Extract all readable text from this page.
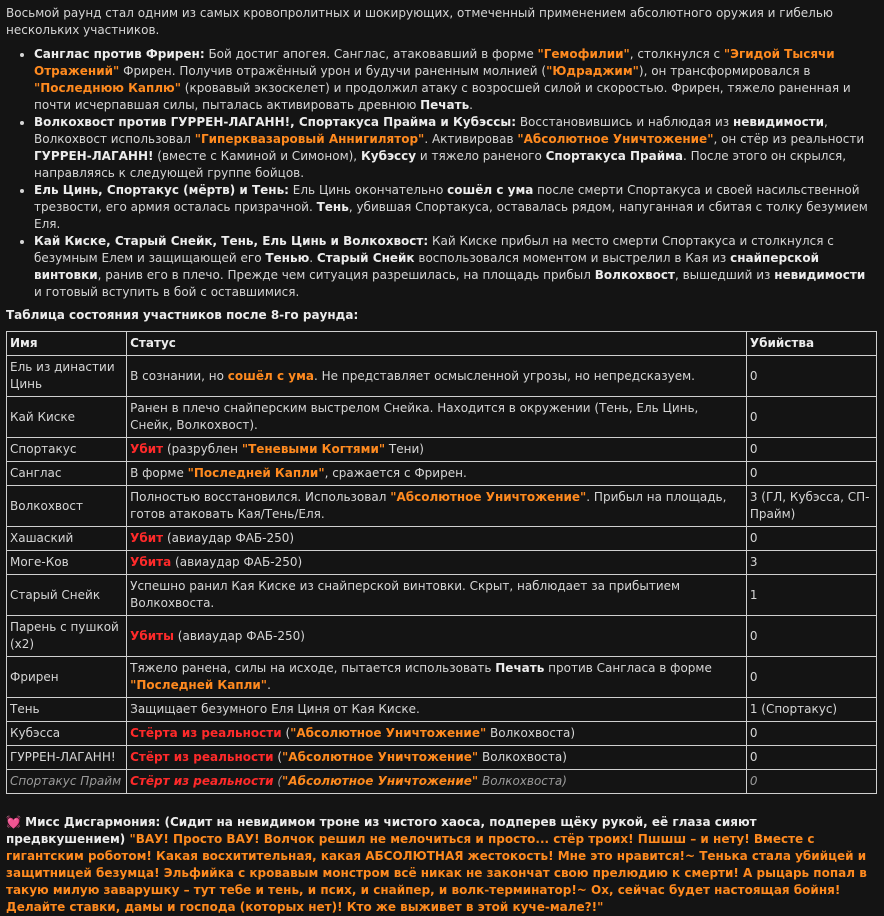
Восьмой раунд стал одним из самых кровопролитных и шокирующих, отмеченный применением абсолютного оружия и гибелью нескольких участников.

• Санглас против Фрирен: Бой достиг апогея. Санглас, атаковавший в форме "Гемофилии", столкнулся с "Эгидой Тысячи Отражений" Фрирен. Получив отражённый урон и будучи раненным молнией ("Юдраджим"), он трансформировался в "Последнюю Каплю" (кровавый экзоскелет) и продолжил атаку с возросшей силой и скоростью. Фрирен, тяжело раненная и почти исчерпавшая силы, пыталась активировать древнюю Печать.
• Волкохвост против ГУРРЕН-ЛАГАНН!, Спортакуса Прайма и Кубэссы: Восстановившись и наблюдая из невидимости, Волкохвост использовал "Гиперквазаровый Аннигилятор". Активировав "Абсолютное Уничтожение", он стёр из реальности ГУРРЕН-ЛАГАНН! (вместе с Каминой и Симоном), Кубэссу и тяжело раненого Спортакуса Прайма. После этого он скрылся, направляясь к следующей группе бойцов.
• Ель Цинь, Спортакус (мёртв) и Тень: Ель Цинь окончательно сошёл с ума после смерти Спортакуса и своей насильственной трезвости, его армия осталась призрачной. Тень, убившая Спортакуса, оставалась рядом, напуганная и сбитая с толку безумием Еля.
• Кай Киске, Старый Снейк, Тень, Ель Цинь и Волкохвост: Кай Киске прибыл на место смерти Спортакуса и столкнулся с безумным Елем и защищающей его Тенью. Старый Снейк воспользовался моментом и выстрелил в Кая из снайперской винтовки, ранив его в плечо. Прежде чем ситуация разрешилась, на площадь прибыл Волкохвост, вышедший из невидимости и готовый вступить в бой с оставшимися.

Таблица состояния участников после 8-го раунда:

Имя	Статус	Убийства
Ель из династии Цинь	В сознании, но сошёл с ума. Не представляет осмысленной угрозы, но непредсказуем.	0
Кай Киске	Ранен в плечо снайперским выстрелом Снейка. Находится в окружении (Тень, Ель Цинь, Снейк, Волкохвост).	0
Спортакус	Убит (разрублен "Теневыми Когтями" Тени)	0
Санглас	В форме "Последней Капли", сражается с Фрирен.	0
Волкохвост	Полностью восстановился. Использовал "Абсолютное Уничтожение". Прибыл на площадь, готов атаковать Кая/Тень/Еля.	3 (ГЛ, Кубэсса, СП-Прайм)
Хашаский	Убит (авиаудар ФАБ-250)	0
Моге-Ков	Убита (авиаудар ФАБ-250)	3
Старый Снейк	Успешно ранил Кая Киске из снайперской винтовки. Скрыт, наблюдает за прибытием Волкохвоста.	1
Парень с пушкой (x2)	Убиты (авиаудар ФАБ-250)	0
Фрирен	Тяжело ранена, силы на исходе, пытается использовать Печать против Сангласа в форме "Последней Капли".	0
Тень	Защищает безумного Еля Циня от Кая Киске.	1 (Спортакус)
Кубэсса	Стёрта из реальности ("Абсолютное Уничтожение" Волкохвоста)	0
ГУРРЕН-ЛАГАНН!	Стёрт из реальности ("Абсолютное Уничтожение" Волкохвоста)	0
Спортакус Прайм	Стёрт из реальности ("Абсолютное Уничтожение" Волкохвоста)	0

💓 Мисс Дисгармония: (Сидит на невидимом троне из чистого хаоса, подперев щёку рукой, её глаза сияют предвкушением) "ВАУ! Просто ВАУ! Волчок решил не мелочиться и просто... стёр троих! Пшшш – и нету! Вместе с гигантским роботом! Какая восхитительная, какая АБСОЛЮТНАЯ жестокость! Мне это нравится!~ Тенька стала убийцей и защитницей безумца! Эльфийка с кровавым монстром всё никак не закончат свою прелюдию к смерти! А рыцарь попал в такую милую заварушку – тут тебе и тень, и псих, и снайпер, и волк-терминатор!~ Ох, сейчас будет настоящая бойня! Делайте ставки, дамы и господа (которых нет)! Кто же выживет в этой куче-мале?!"
